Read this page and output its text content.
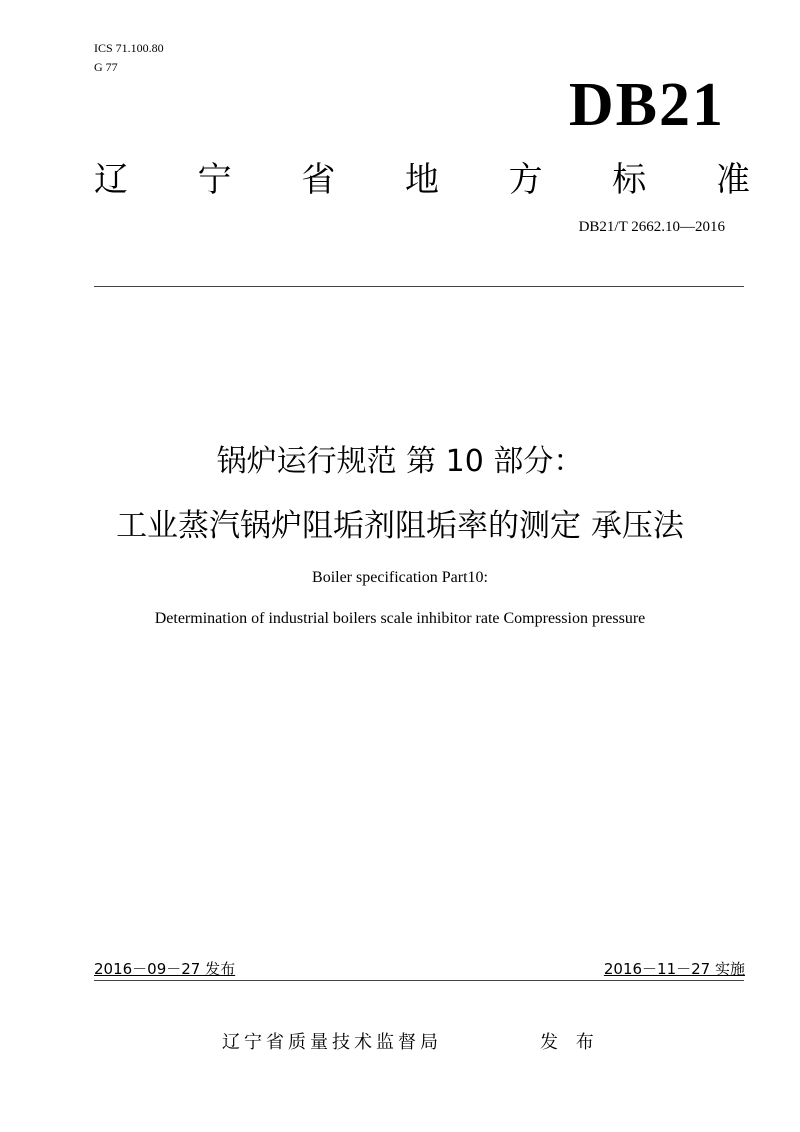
ICS 71.100.80
G 77
DB21
辽 宁 省 地 方 标 准
DB21/T 2662.10—2016
锅炉运行规范 第 10 部分：
工业蒸汽锅炉阻垢剂阻垢率的测定 承压法
Boiler specification Part10:
Determination of industrial boilers scale inhibitor rate Compression pressure
2016－09－27 发布	2016－11－27 实施
辽宁省质量技术监督局	发 布
